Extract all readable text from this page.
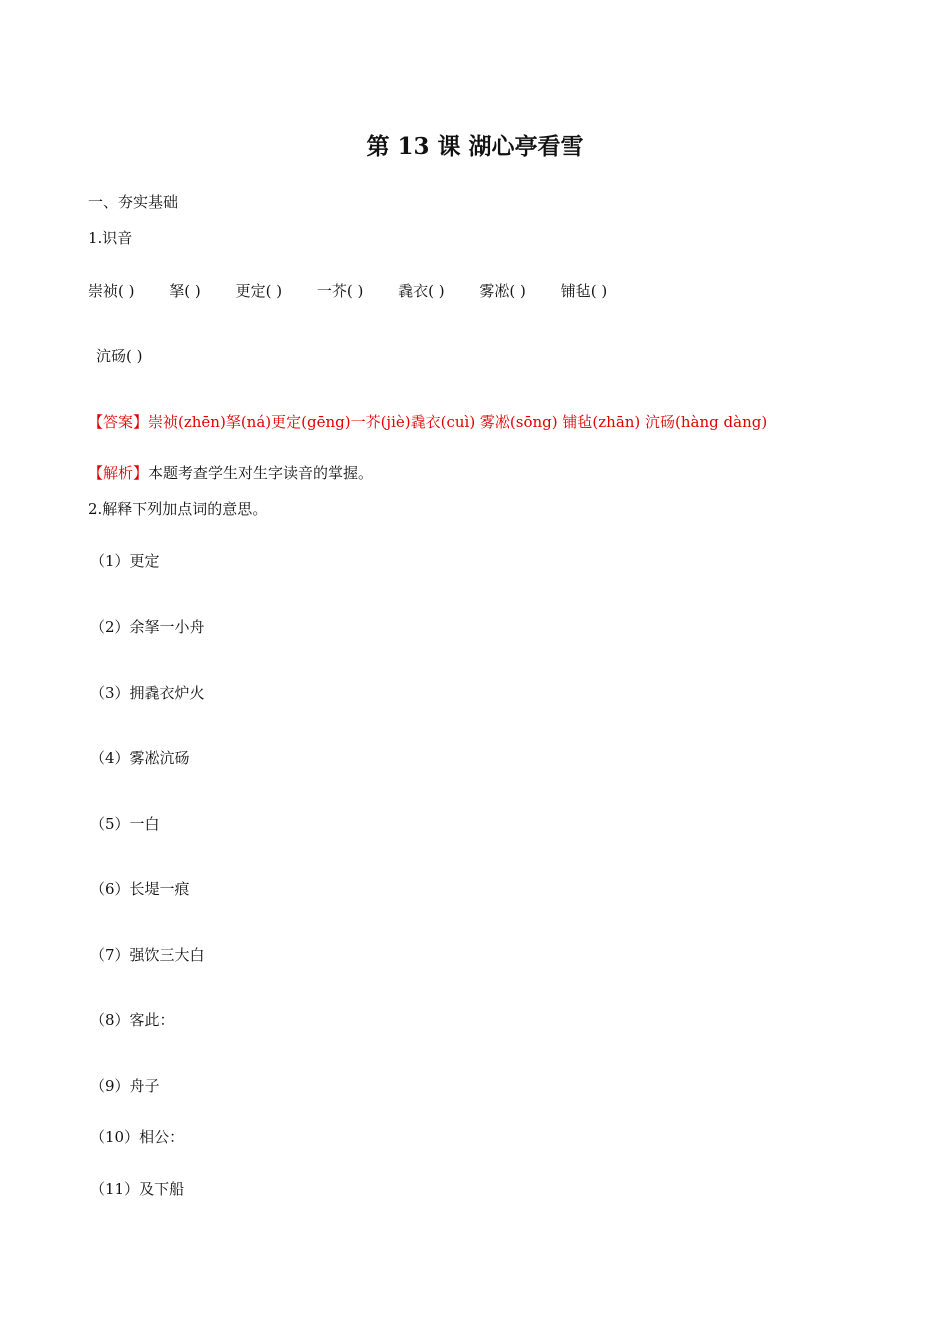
第 13 课 湖心亭看雪
一、夯实基础
1.识音
崇祯( ) 拏( ) 更定( ) 一芥( ) 毳衣( ) 雾凇( ) 铺毡( )
沆砀( )
【答案】崇祯(zhēn)拏(ná)更定(gēng)一芥(jiè)毳衣(cuì) 雾凇(sōng) 铺毡(zhān) 沆砀(hàng dàng)
【解析】本题考查学生对生字读音的掌握。
2.解释下列加点词的意思。
（1）更定
（2）余拏一小舟
（3）拥毳衣炉火
（4）雾凇沆砀
（5）一白
（6）长堤一痕
（7）强饮三大白
（8）客此：
（9）舟子
（10）相公：
（11）及下船
